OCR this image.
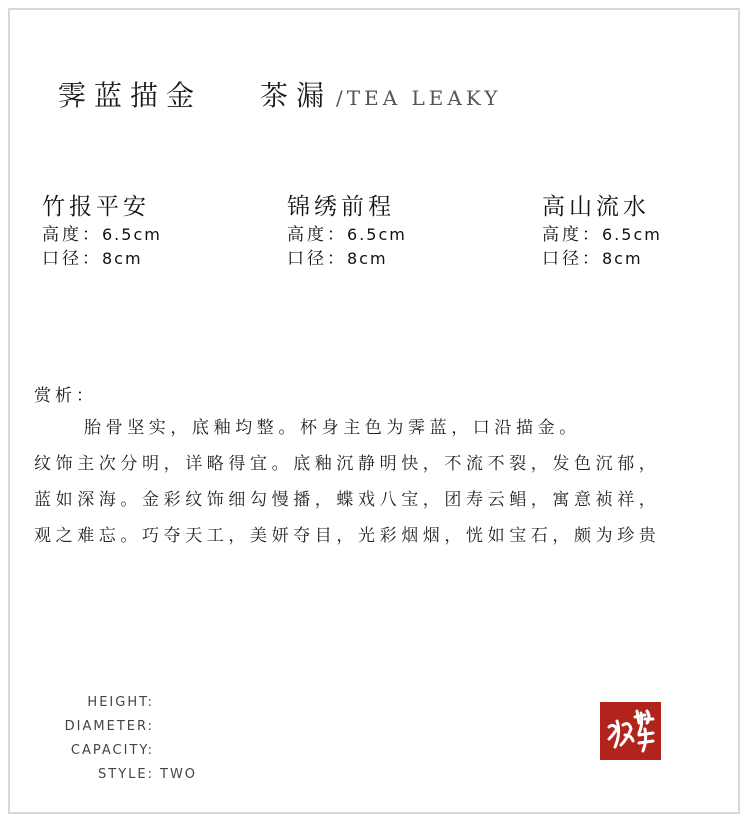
霁蓝描金 茶漏 /TEA LEAKY
竹报平安
高度：6.5cm
口径：8cm
锦绣前程
高度：6.5cm
口径：8cm
高山流水
高度：6.5cm
口径：8cm
赏析：

胎骨坚实，底釉均整。杯身主色为霁蓝，口沿描金。

纹饰主次分明，详略得宜。底釉沉静明快，不流不裂，发色沉郁，

蓝如深海。金彩纹饰细勾慢播，蝶戏八宝，团寿云鲳，寓意祯祥，

观之难忘。巧夺天工，美妍夺目，光彩烟烟，恍如宝石，颇为珍贵

HEIGHT:
DIAMETER:
CAPACITY:
STYLE: TWO
